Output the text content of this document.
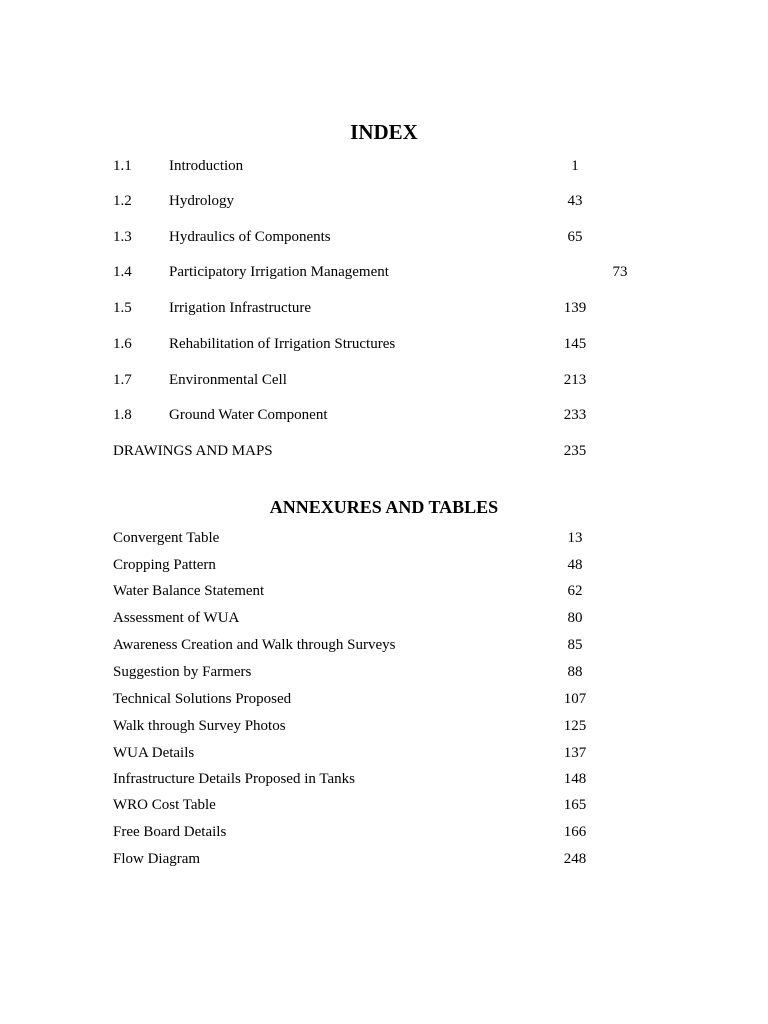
INDEX
1.1 Introduction	1
1.2 Hydrology	43
1.3 Hydraulics of Components	65
1.4 Participatory Irrigation Management	73
1.5 Irrigation Infrastructure	139
1.6 Rehabilitation of Irrigation Structures	145
1.7 Environmental Cell	213
1.8 Ground Water Component	233
DRAWINGS AND MAPS	235
ANNEXURES AND TABLES
Convergent Table	13
Cropping Pattern	48
Water Balance Statement	62
Assessment of WUA	80
Awareness Creation and Walk through Surveys	85
Suggestion by Farmers	88
Technical Solutions Proposed	107
Walk through Survey Photos	125
WUA Details	137
Infrastructure Details Proposed in Tanks	148
WRO Cost Table	165
Free Board Details	166
Flow Diagram	248
